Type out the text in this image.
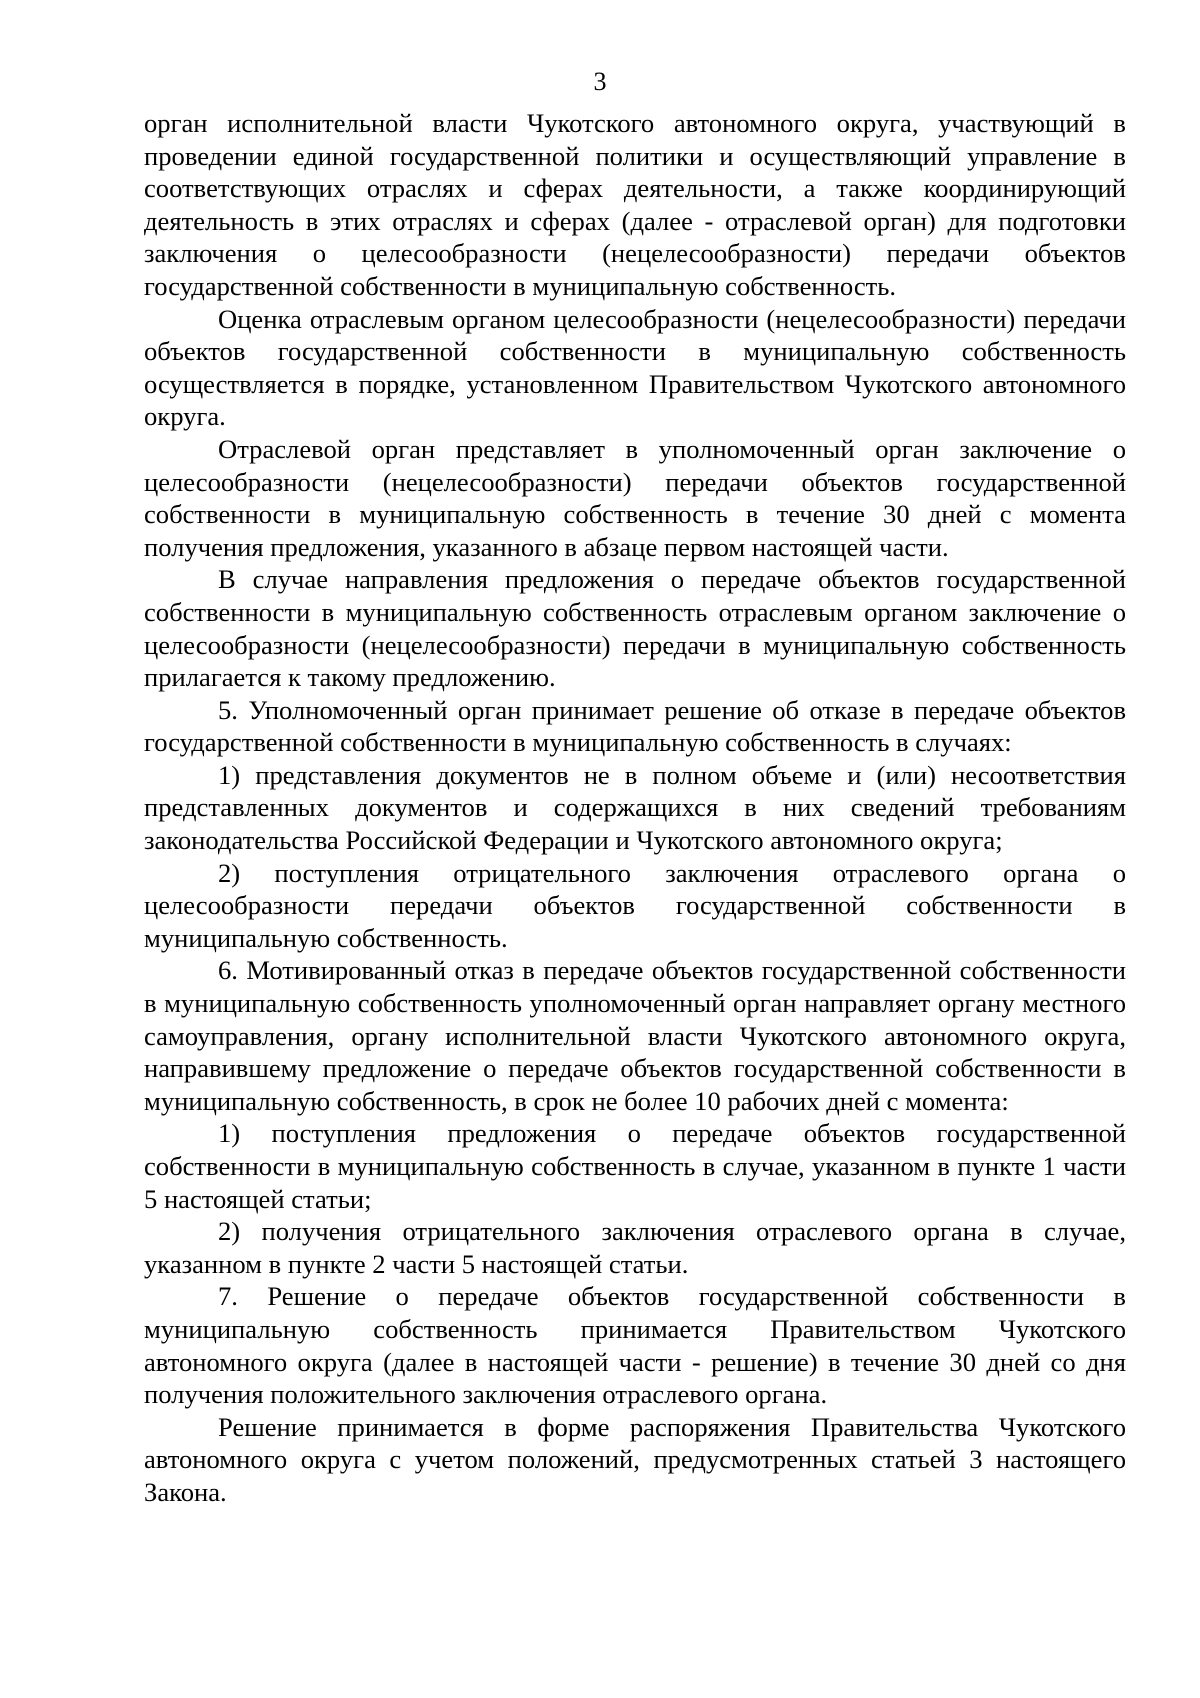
3

орган исполнительной власти Чукотского автономного округа, участвующий в проведении единой государственной политики и осуществляющий управление в соответствующих отраслях и сферах деятельности, а также координирующий деятельность в этих отраслях и сферах (далее - отраслевой орган) для подготовки заключения о целесообразности (нецелесообразности) передачи объектов государственной собственности в муниципальную собственность.

Оценка отраслевым органом целесообразности (нецелесообразности) передачи объектов государственной собственности в муниципальную собственность осуществляется в порядке, установленном Правительством Чукотского автономного округа.

Отраслевой орган представляет в уполномоченный орган заключение о целесообразности (нецелесообразности) передачи объектов государственной собственности в муниципальную собственность в течение 30 дней с момента получения предложения, указанного в абзаце первом настоящей части.

В случае направления предложения о передаче объектов государственной собственности в муниципальную собственность отраслевым органом заключение о целесообразности (нецелесообразности) передачи в муниципальную собственность прилагается к такому предложению.

5. Уполномоченный орган принимает решение об отказе в передаче объектов государственной собственности в муниципальную собственность в случаях:

1) представления документов не в полном объеме и (или) несоответствия представленных документов и содержащихся в них сведений требованиям законодательства Российской Федерации и Чукотского автономного округа;

2) поступления отрицательного заключения отраслевого органа о целесообразности передачи объектов государственной собственности в муниципальную собственность.

6. Мотивированный отказ в передаче объектов государственной собственности в муниципальную собственность уполномоченный орган направляет органу местного самоуправления, органу исполнительной власти Чукотского автономного округа, направившему предложение о передаче объектов государственной собственности в муниципальную собственность, в срок не более 10 рабочих дней с момента:

1) поступления предложения о передаче объектов государственной собственности в муниципальную собственность в случае, указанном в пункте 1 части 5 настоящей статьи;

2) получения отрицательного заключения отраслевого органа в случае, указанном в пункте 2 части 5 настоящей статьи.

7. Решение о передаче объектов государственной собственности в муниципальную собственность принимается Правительством Чукотского автономного округа (далее в настоящей части - решение) в течение 30 дней со дня получения положительного заключения отраслевого органа.

Решение принимается в форме распоряжения Правительства Чукотского автономного округа с учетом положений, предусмотренных статьей 3 настоящего Закона.
